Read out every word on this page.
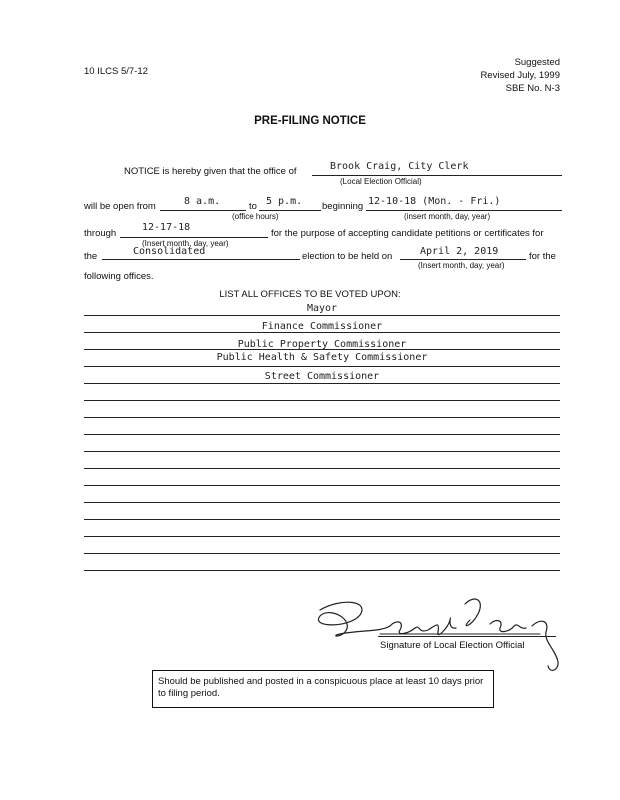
10 ILCS 5/7-12
Suggested
Revised July, 1999
SBE No. N-3
PRE-FILING NOTICE
NOTICE is hereby given that the office of	Brook Craig, City Clerk
(Local Election Official)
will be open from	8 a.m.	to 5 p.m.
(office hours)
beginning 12-10-18 (Mon. - Fri.)
(insert month, day, year)
through
12-17-18
for the purpose of accepting candidate petitions or certificates for
(Insert month, day, year)
the	Consolidated	election to be held on	April 2, 2019	for the
(Insert month, day, year)
following offices.
LIST ALL OFFICES TO BE VOTED UPON:
Mayor
Finance Commissioner
Public Property Commissioner
Public Health & Safety Commissioner
Street Commissioner
Signature of Local Election Official
Should be published and posted in a conspicuous place at least 10 days prior to filing period.
